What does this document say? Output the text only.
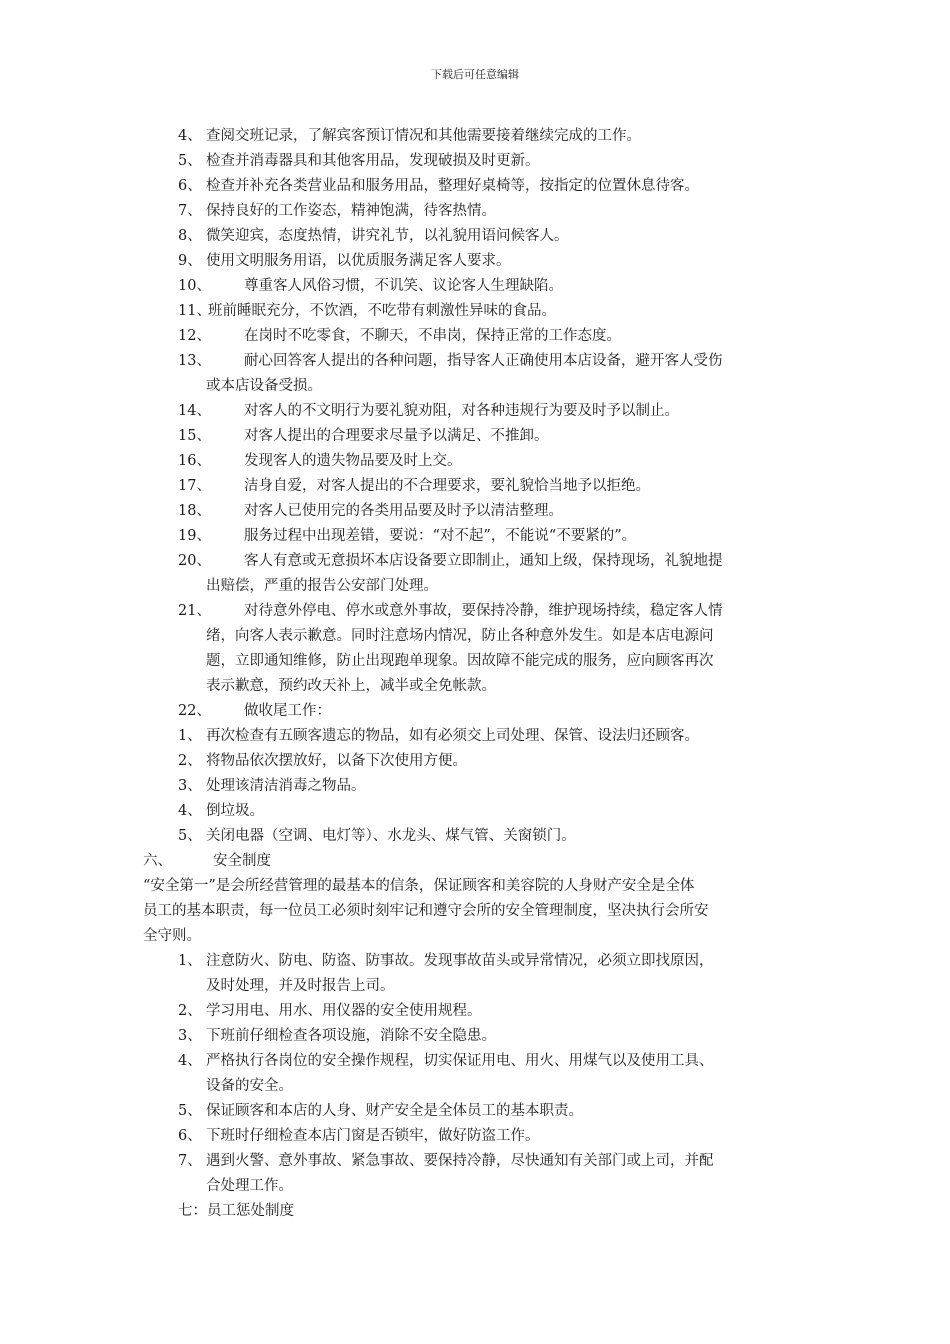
下载后可任意编辑
4、 查阅交班记录，了解宾客预订情况和其他需要接着继续完成的工作。
5、 检查并消毒器具和其他客用品，发现破损及时更新。
6、 检查并补充各类营业品和服务用品，整理好桌椅等，按指定的位置休息待客。
7、 保持良好的工作姿态，精神饱满，待客热情。
8、 微笑迎宾，态度热情，讲究礼节，以礼貌用语问候客人。
9、 使用文明服务用语，以优质服务满足客人要求。
10、 尊重客人风俗习惯，不讥笑、议论客人生理缺陷。
11、
班前睡眠充分，不饮酒，不吃带有刺激性异味的食品。
12、 在岗时不吃零食，不聊天，不串岗，保持正常的工作态度。
13、 耐心回答客人提出的各种问题，指导客人正确使用本店设备，避开客人受伤
或本店设备受损。
14、 对客人的不文明行为要礼貌劝阻，对各种违规行为要及时予以制止。
15、 对客人提出的合理要求尽量予以满足、不推卸。
16、 发现客人的遗失物品要及时上交。
17、 洁身自爱，对客人提出的不合理要求，要礼貌恰当地予以拒绝。
18、 对客人已使用完的各类用品要及时予以清洁整理。
19、 服务过程中出现差错，要说：“对不起”，不能说“不要紧的”。
20、 客人有意或无意损坏本店设备要立即制止，通知上级，保持现场，礼貌地提
出赔偿，严重的报告公安部门处理。
21、 对待意外停电、停水或意外事故，要保持冷静，维护现场持续，稳定客人情
绪，向客人表示歉意。同时注意场内情况，防止各种意外发生。如是本店电源问
题，立即通知维修，防止出现跑单现象。因故障不能完成的服务，应向顾客再次
表示歉意，预约改天补上，减半或全免帐款。
22、 做收尾工作：
1、 再次检查有五顾客遗忘的物品，如有必须交上司处理、保管、设法归还顾客。
2、 将物品依次摆放好，以备下次使用方便。
3、 处理该清洁消毒之物品。
4、 倒垃圾。
5、 关闭电器（空调、电灯等）、水龙头、煤气管、关窗锁门。
六、	安全制度
“安全第一”是会所经营管理的最基本的信条，保证顾客和美容院的人身财产安全是全体
员工的基本职责，每一位员工必须时刻牢记和遵守会所的安全管理制度，坚决执行会所安
全守则。
1、 注意防火、防电、防盗、防事故。发现事故苗头或异常情况，必须立即找原因，
及时处理，并及时报告上司。
2、 学习用电、用水、用仪器的安全使用规程。
3、 下班前仔细检查各项设施，消除不安全隐患。
4、 严格执行各岗位的安全操作规程，切实保证用电、用火、用煤气以及使用工具、
设备的安全。
5、 保证顾客和本店的人身、财产安全是全体员工的基本职责。
6、 下班时仔细检查本店门窗是否锁牢，做好防盗工作。
7、 遇到火警、意外事故、紧急事故、要保持冷静，尽快通知有关部门或上司，并配
合处理工作。
七：员工惩处制度
